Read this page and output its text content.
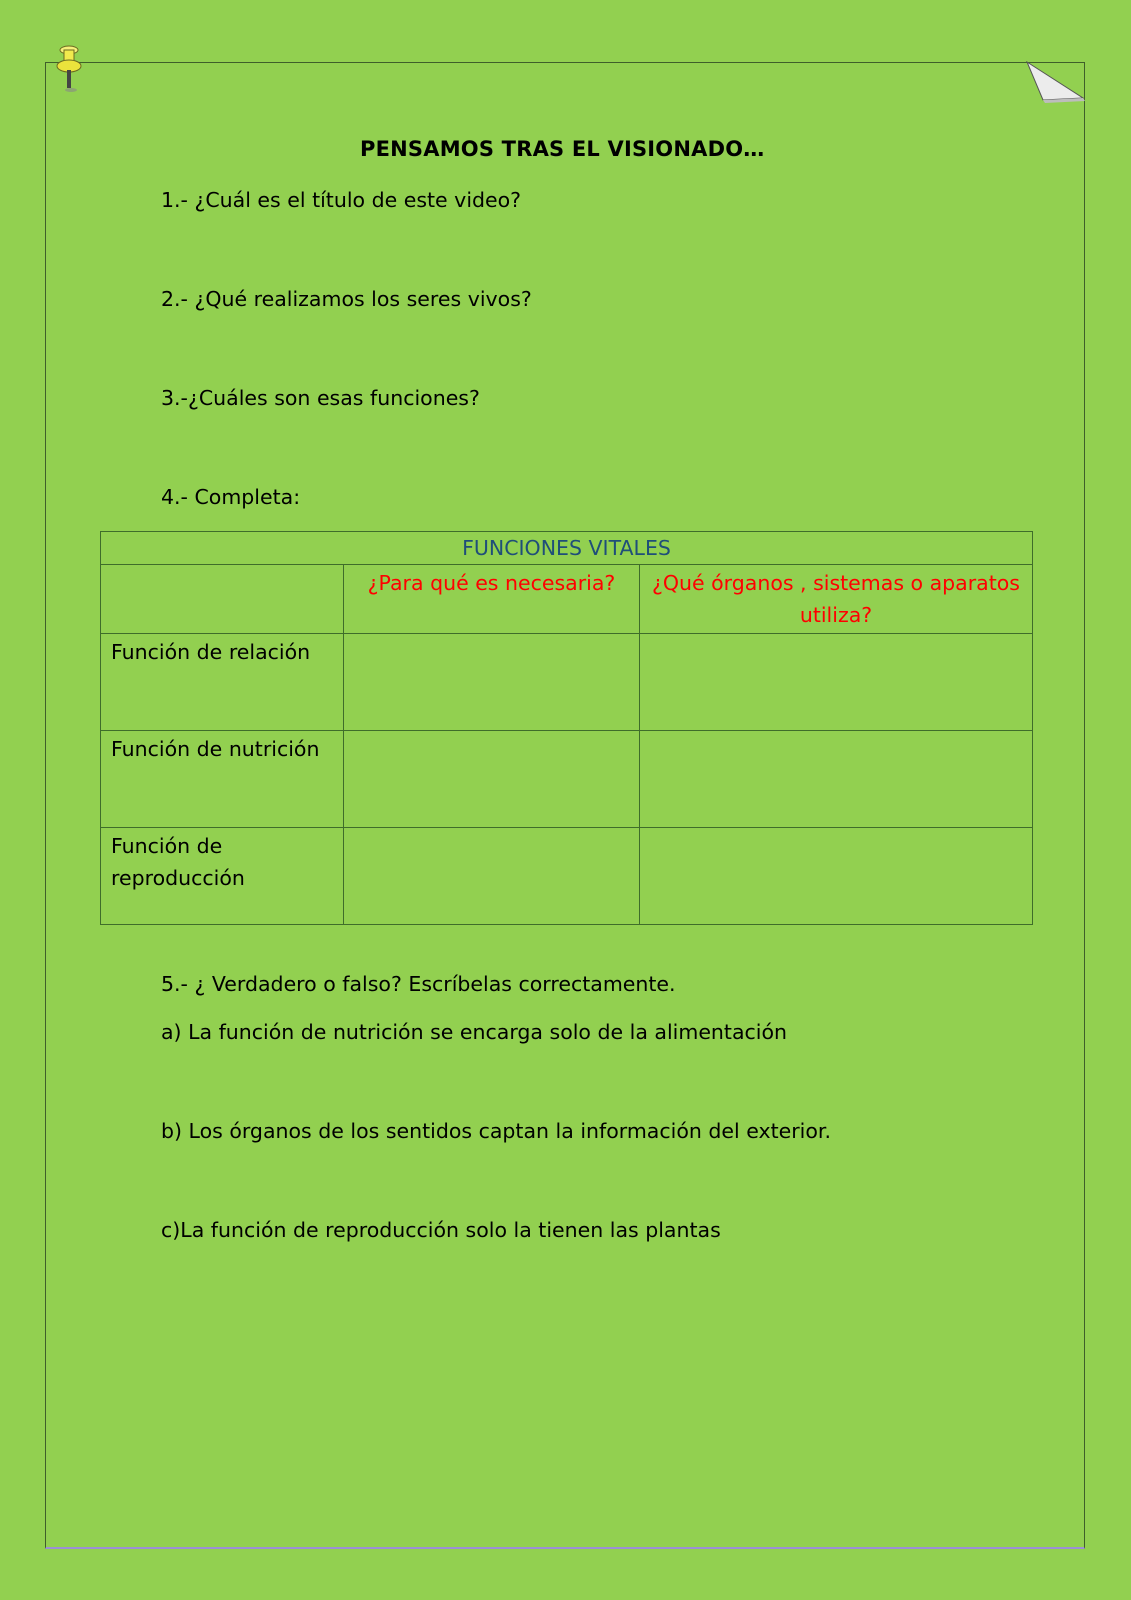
PENSAMOS TRAS EL VISIONADO…
1.- ¿Cuál es el título de este video?
2.- ¿Qué realizamos los seres vivos?
3.-¿Cuáles son esas funciones?
4.- Completa:
FUNCIONES VITALES		
	¿Para qué es necesaria?	¿Qué órganos , sistemas o aparatos utiliza?
Función de relación		
Función de nutrición		
Función de reproducción		
5.- ¿ Verdadero o falso? Escríbelas correctamente.
a) La función de nutrición se encarga solo de la alimentación
b) Los órganos de los sentidos captan la información del exterior.
c)La función de reproducción solo la tienen las plantas
